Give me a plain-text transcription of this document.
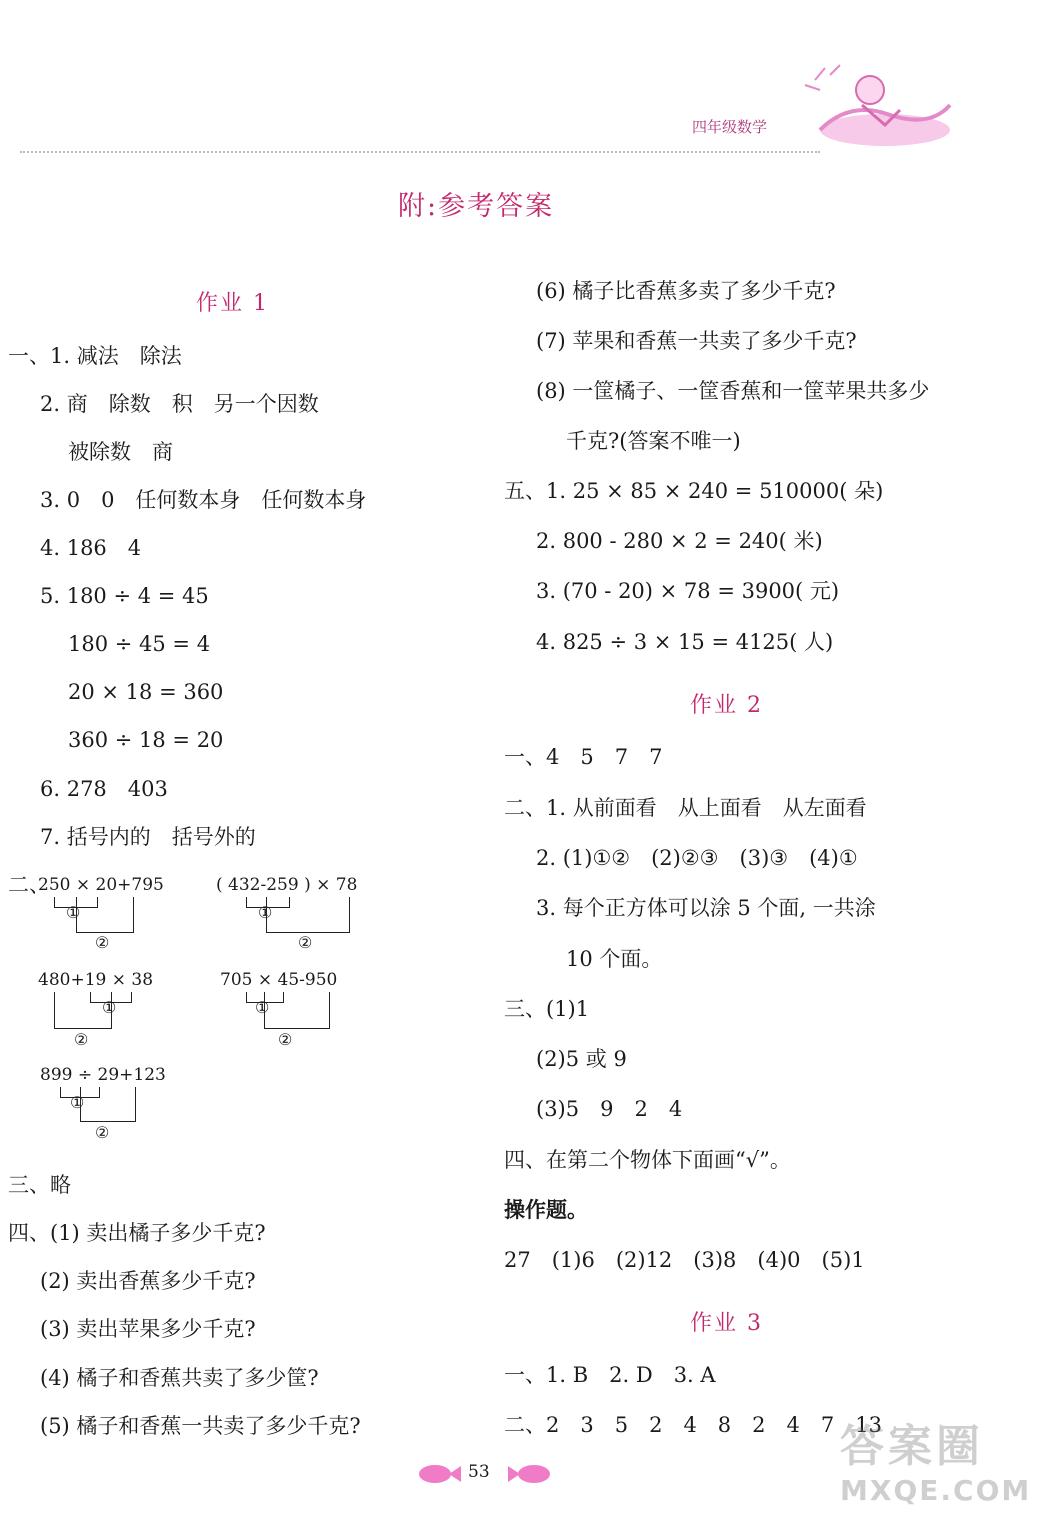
四年级数学
附:参考答案
作业 1
一、1. 减法　除法
2. 商　除数　积　另一个因数
被除数　商
3. 0　0　任何数本身　任何数本身
4. 186　4
5. 180 ÷ 4 = 45
180 ÷ 45 = 4
20 × 18 = 360
360 ÷ 18 = 20
6. 278　403
7. 括号内的　括号外的
二、
250 × 20+795
①
②
( 432-259 ) × 78
①
②
480+19 × 38
①
②
705 × 45-950
①
②
899 ÷ 29+123
①
②
三、略
四、(1) 卖出橘子多少千克?
(2) 卖出香蕉多少千克?
(3) 卖出苹果多少千克?
(4) 橘子和香蕉共卖了多少筐?
(5) 橘子和香蕉一共卖了多少千克?
(6) 橘子比香蕉多卖了多少千克?
(7) 苹果和香蕉一共卖了多少千克?
(8) 一筐橘子、一筐香蕉和一筐苹果共多少
千克?(答案不唯一)
五、1. 25 × 85 × 240 = 510000( 朵)
2. 800 - 280 × 2 = 240( 米)
3. (70 - 20) × 78 = 3900( 元)
4. 825 ÷ 3 × 15 = 4125( 人)
作业 2
一、4　5　7　7
二、1. 从前面看　从上面看　从左面看
2. (1)①②　(2)②③　(3)③　(4)①
3. 每个正方体可以涂 5 个面, 一共涂
10 个面。
三、(1)1
(2)5 或 9
(3)5　9　2　4
四、在第二个物体下面画“√”。
操作题。
27　(1)6　(2)12　(3)8　(4)0　(5)1
作业 3
一、1. B　2. D　3. A
二、2　3　5　2　4　8　2　4　7　13
53	答案圈
MXQE.COM
